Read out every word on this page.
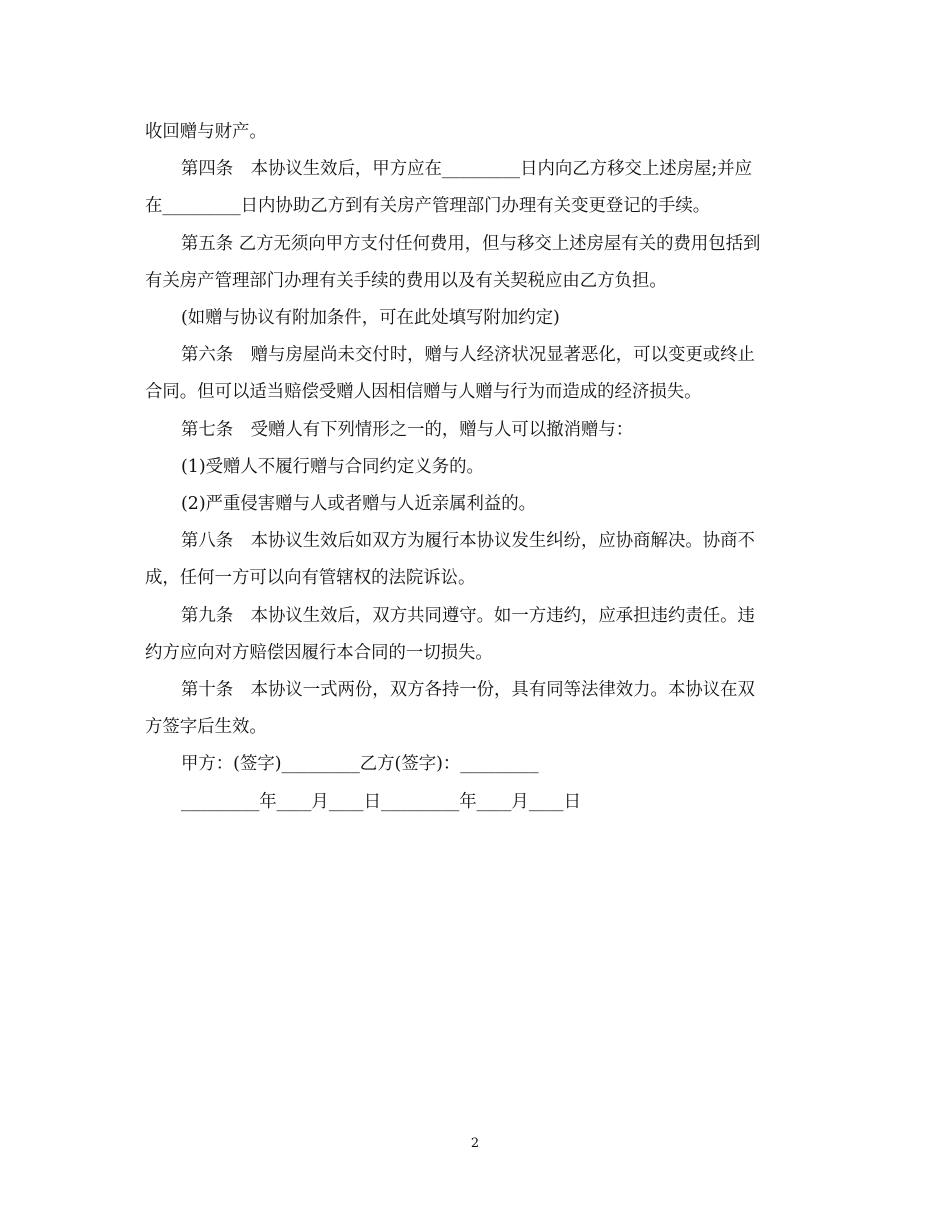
收回赠与财产。

第四条　本协议生效后，甲方应在_________日内向乙方移交上述房屋;并应

在_________日内协助乙方到有关房产管理部门办理有关变更登记的手续。

第五条 乙方无须向甲方支付任何费用，但与移交上述房屋有关的费用包括到

有关房产管理部门办理有关手续的费用以及有关契税应由乙方负担。

(如赠与协议有附加条件，可在此处填写附加约定)

第六条　赠与房屋尚未交付时，赠与人经济状况显著恶化，可以变更或终止

合同。但可以适当赔偿受赠人因相信赠与人赠与行为而造成的经济损失。

第七条　受赠人有下列情形之一的，赠与人可以撤消赠与：

(1)受赠人不履行赠与合同约定义务的。

(2)严重侵害赠与人或者赠与人近亲属利益的。

第八条　本协议生效后如双方为履行本协议发生纠纷，应协商解决。协商不

成，任何一方可以向有管辖权的法院诉讼。

第九条　本协议生效后，双方共同遵守。如一方违约，应承担违约责任。违

约方应向对方赔偿因履行本合同的一切损失。

第十条　本协议一式两份，双方各持一份，具有同等法律效力。本协议在双

方签字后生效。

甲方：(签字)_________乙方(签字)：_________

_________年____月____日_________年____月____日

2
